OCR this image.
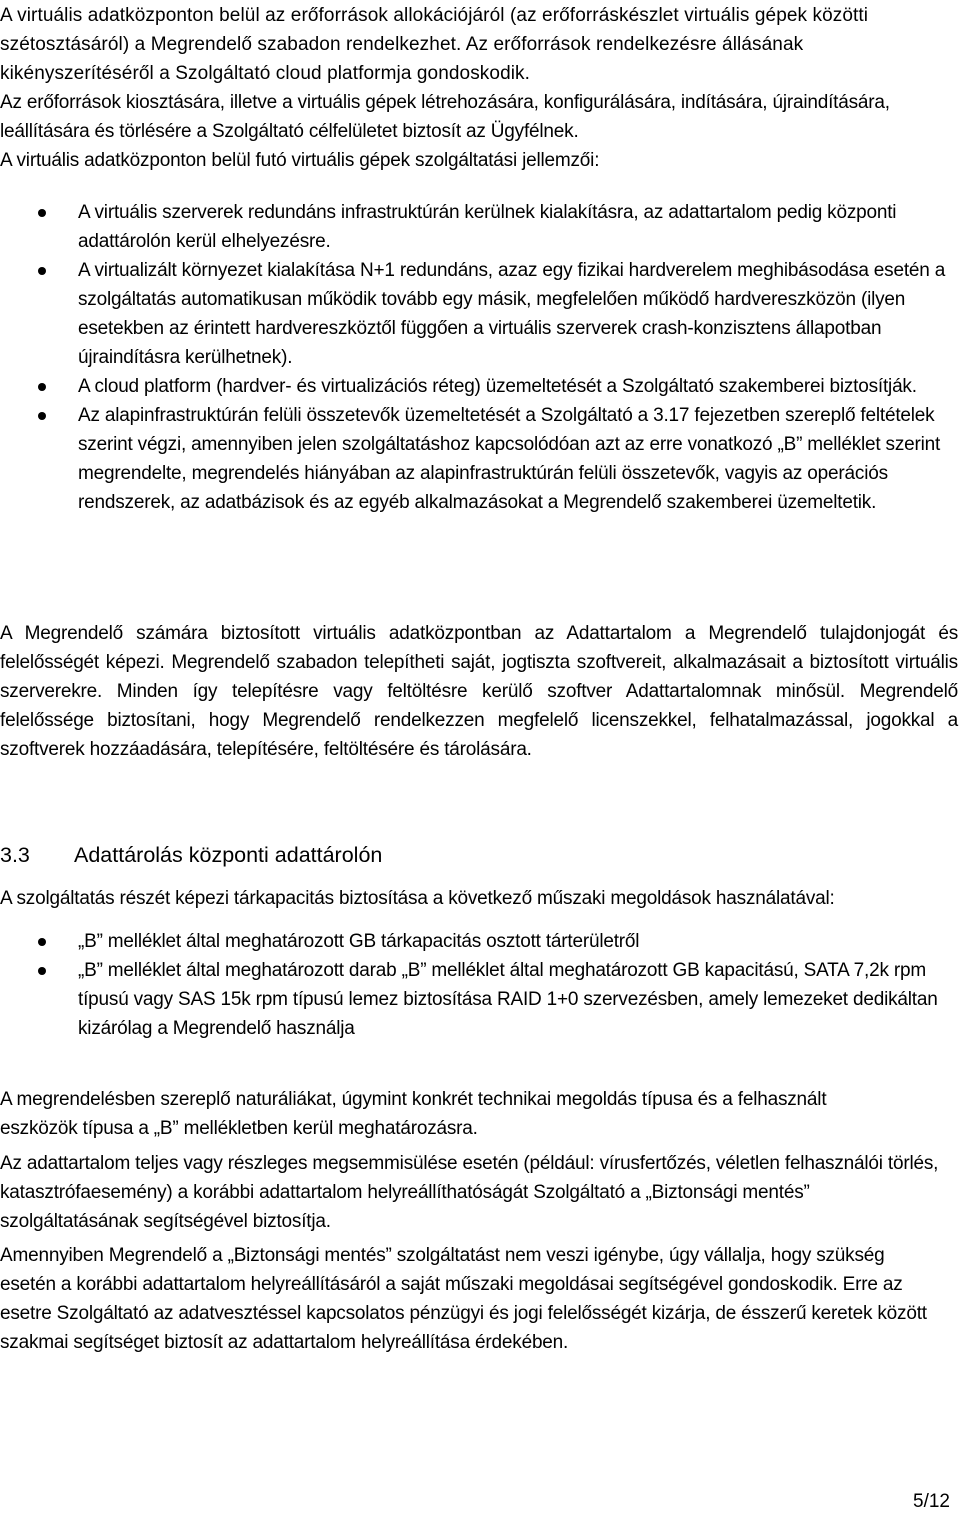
A virtuális adatközponton belül az erőforrások allokációjáról (az erőforráskészlet virtuális gépek közötti szétosztásáról) a Megrendelő szabadon rendelkezhet. Az erőforrások rendelkezésre állásának kikényszerítéséről a Szolgáltató cloud platformja gondoskodik.

Az erőforrások kiosztására, illetve a virtuális gépek létrehozására, konfigurálására, indítására, újraindítására, leállítására és törlésére a Szolgáltató célfelületet biztosít az Ügyfélnek.

A virtuális adatközponton belül futó virtuális gépek szolgáltatási jellemzői:

A virtuális szerverek redundáns infrastruktúrán kerülnek kialakításra, az adattartalom pedig központi adattárolón kerül elhelyezésre.
A virtualizált környezet kialakítása N+1 redundáns, azaz egy fizikai hardverelem meghibásodása esetén a szolgáltatás automatikusan működik tovább egy másik, megfelelően működő hardvereszközön (ilyen esetekben az érintett hardvereszköztől függően a virtuális szerverek crash-konzisztens állapotban újraindításra kerülhetnek).
A cloud platform (hardver- és virtualizációs réteg) üzemeltetését a Szolgáltató szakemberei biztosítják.
Az alapinfrastruktúrán felüli összetevők üzemeltetését a Szolgáltató a 3.17 fejezetben szereplő feltételek szerint végzi, amennyiben jelen szolgáltatáshoz kapcsolódóan azt az erre vonatkozó „B” melléklet szerint megrendelte, megrendelés hiányában az alapinfrastruktúrán felüli összetevők, vagyis az operációs rendszerek, az adatbázisok és az egyéb alkalmazásokat a Megrendelő szakemberei üzemeltetik.

A Megrendelő számára biztosított virtuális adatközpontban az Adattartalom a Megrendelő tulajdonjogát és felelősségét képezi. Megrendelő szabadon telepítheti saját, jogtiszta szoftvereit, alkalmazásait a biztosított virtuális szerverekre. Minden így telepítésre vagy feltöltésre kerülő szoftver Adattartalomnak minősül. Megrendelő felelőssége biztosítani, hogy Megrendelő rendelkezzen megfelelő licenszekkel, felhatalmazással, jogokkal a szoftverek hozzáadására, telepítésére, feltöltésére és tárolására.

3.3	Adattárolás központi adattárolón

A szolgáltatás részét képezi tárkapacitás biztosítása a következő műszaki megoldások használatával:

„B” melléklet által meghatározott GB tárkapacitás osztott tárterületről
„B” melléklet által meghatározott darab „B” melléklet által meghatározott GB kapacitású, SATA 7,2k rpm típusú vagy SAS 15k rpm típusú lemez biztosítása RAID 1+0 szervezésben, amely lemezeket dedikáltan kizárólag a Megrendelő használja

A megrendelésben szereplő naturáliákat, úgymint konkrét technikai megoldás típusa és a felhasznált eszközök típusa a „B” mellékletben kerül meghatározásra.

Az adattartalom teljes vagy részleges megsemmisülése esetén (például: vírusfertőzés, véletlen felhasználói törlés, katasztrófaesemény) a korábbi adattartalom helyreállíthatóságát Szolgáltató a „Biztonsági mentés” szolgáltatásának segítségével biztosítja.

Amennyiben Megrendelő a „Biztonsági mentés” szolgáltatást nem veszi igénybe, úgy vállalja, hogy szükség esetén a korábbi adattartalom helyreállításáról a saját műszaki megoldásai segítségével gondoskodik. Erre az esetre Szolgáltató az adatvesztéssel kapcsolatos pénzügyi és jogi felelősségét kizárja, de ésszerű keretek között szakmai segítséget biztosít az adattartalom helyreállítása érdekében.

5/12
